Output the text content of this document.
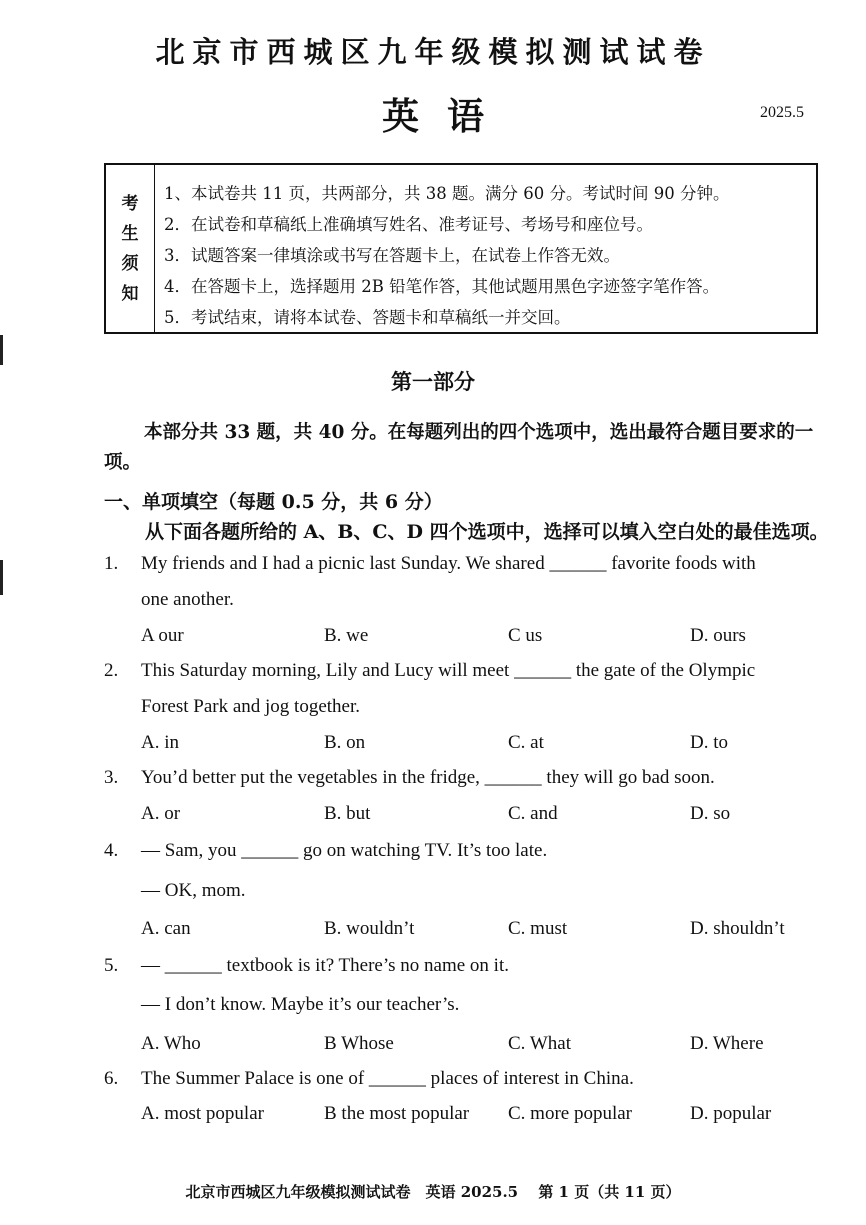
北京市西城区九年级模拟测试试卷
英语	2025.5
考
生
须
知
1、本试卷共 11 页，共两部分，共 38 题。满分 60 分。考试时间 90 分钟。
2．在试卷和草稿纸上准确填写姓名、准考证号、考场号和座位号。
3．试题答案一律填涂或书写在答题卡上，在试卷上作答无效。
4．在答题卡上，选择题用 2B 铅笔作答，其他试题用黑色字迹签字笔作答。
5．考试结束，请将本试卷、答题卡和草稿纸一并交回。
第一部分
本部分共 33 题，共 40 分。在每题列出的四个选项中，选出最符合题目要求的一项。
一、单项填空（每题 0.5 分，共 6 分）
从下面各题所给的 A、B、C、D 四个选项中，选择可以填入空白处的最佳选项。
1. My friends and I had a picnic last Sunday. We shared ______ favorite foods with
one another.
A our	B. we	C us	D. ours
2. This Saturday morning, Lily and Lucy will meet ______ the gate of the Olympic
Forest Park and jog together.
A. in	B. on	C. at	D. to
3. You’d better put the vegetables in the fridge, ______ they will go bad soon.
A. or	B. but	C. and	D. so
4. — Sam, you ______ go on watching TV. It’s too late.
— OK, mom.
A. can	B. wouldn’t	C. must	D. shouldn’t
5. — ______ textbook is it? There’s no name on it.
— I don’t know. Maybe it’s our teacher’s.
A. Who	B Whose	C. What	D. Where
6. The Summer Palace is one of ______ places of interest in China.
A. most popular	B the most popular C. more popular	D. popular
北京市西城区九年级模拟测试试卷　英语 2025.5　 第 1 页（共 11 页）
